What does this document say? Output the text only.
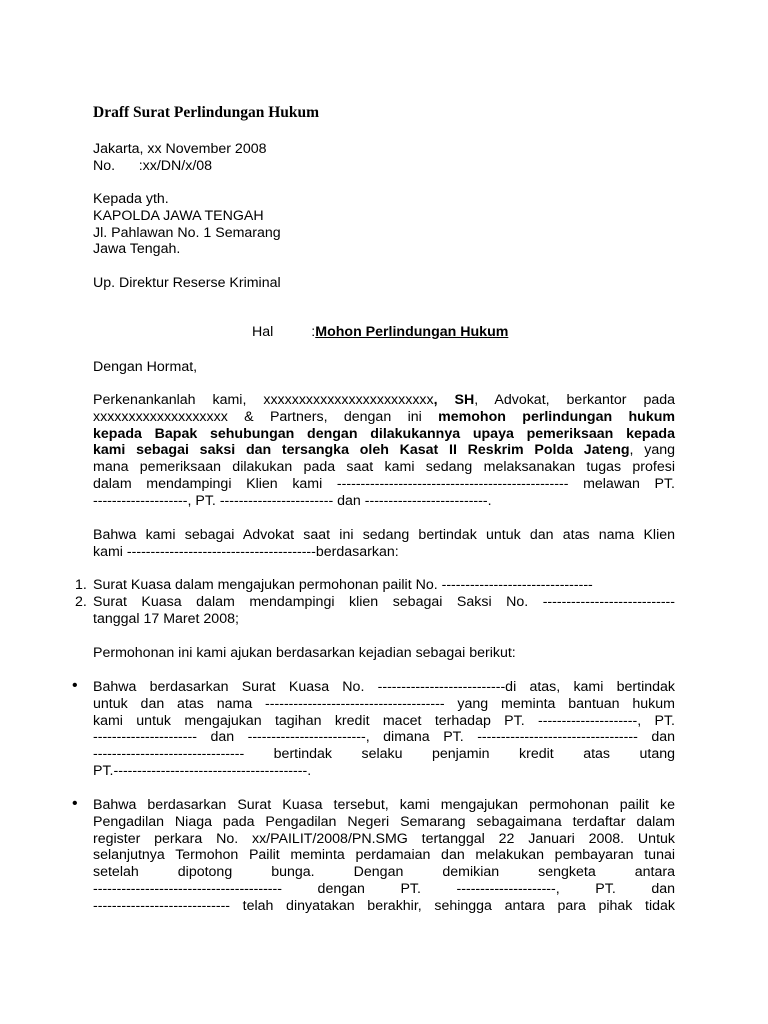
Draff Surat Perlindungan Hukum
Jakarta, xx November 2008
No.      :xx/DN/x/08
Kepada yth.
KAPOLDA JAWA TENGAH
Jl. Pahlawan No. 1 Semarang
Jawa Tengah.
Up. Direktur Reserse Kriminal
Hal	:Mohon Perlindungan Hukum
Dengan Hormat,
Perkenankanlah kami, xxxxxxxxxxxxxxxxxxxxxxxx, SH, Advokat, berkantor pada
xxxxxxxxxxxxxxxxxxx & Partners, dengan ini memohon perlindungan hukum
kepada Bapak sehubungan dengan dilakukannya upaya pemeriksaan kepada
kami sebagai saksi dan tersangka oleh Kasat II Reskrim Polda Jateng, yang
mana pemeriksaan dilakukan pada saat kami sedang melaksanakan tugas profesi
dalam mendampingi Klien kami ------------------------------------------------- melawan PT.
--------------------, PT. ------------------------ dan --------------------------.
Bahwa kami sebagai Advokat saat ini sedang bertindak untuk dan atas nama Klien
kami ----------------------------------------berdasarkan:
1. Surat Kuasa dalam mengajukan permohonan pailit No. --------------------------------
2. Surat Kuasa dalam mendampingi klien sebagai Saksi No. ----------------------------
tanggal 17 Maret 2008;
Permohonan ini kami ajukan berdasarkan kejadian sebagai berikut:
• Bahwa berdasarkan Surat Kuasa No. ---------------------------di atas, kami bertindak
untuk dan atas nama -------------------------------------- yang meminta bantuan hukum
kami untuk mengajukan tagihan kredit macet terhadap PT. ---------------------, PT.
---------------------- dan -------------------------, dimana PT. ---------------------------------- dan
-------------------------------- bertindak selaku penjamin kredit atas utang
PT.-----------------------------------------.
• Bahwa berdasarkan Surat Kuasa tersebut, kami mengajukan permohonan pailit ke
Pengadilan Niaga pada Pengadilan Negeri Semarang sebagaimana terdaftar dalam
register perkara No. xx/PAILIT/2008/PN.SMG tertanggal 22 Januari 2008. Untuk
selanjutnya Termohon Pailit meminta perdamaian dan melakukan pembayaran tunai
setelah dipotong bunga. Dengan demikian sengketa antara
---------------------------------------- dengan PT. ---------------------, PT. dan
----------------------------- telah dinyatakan berakhir, sehingga antara para pihak tidak
